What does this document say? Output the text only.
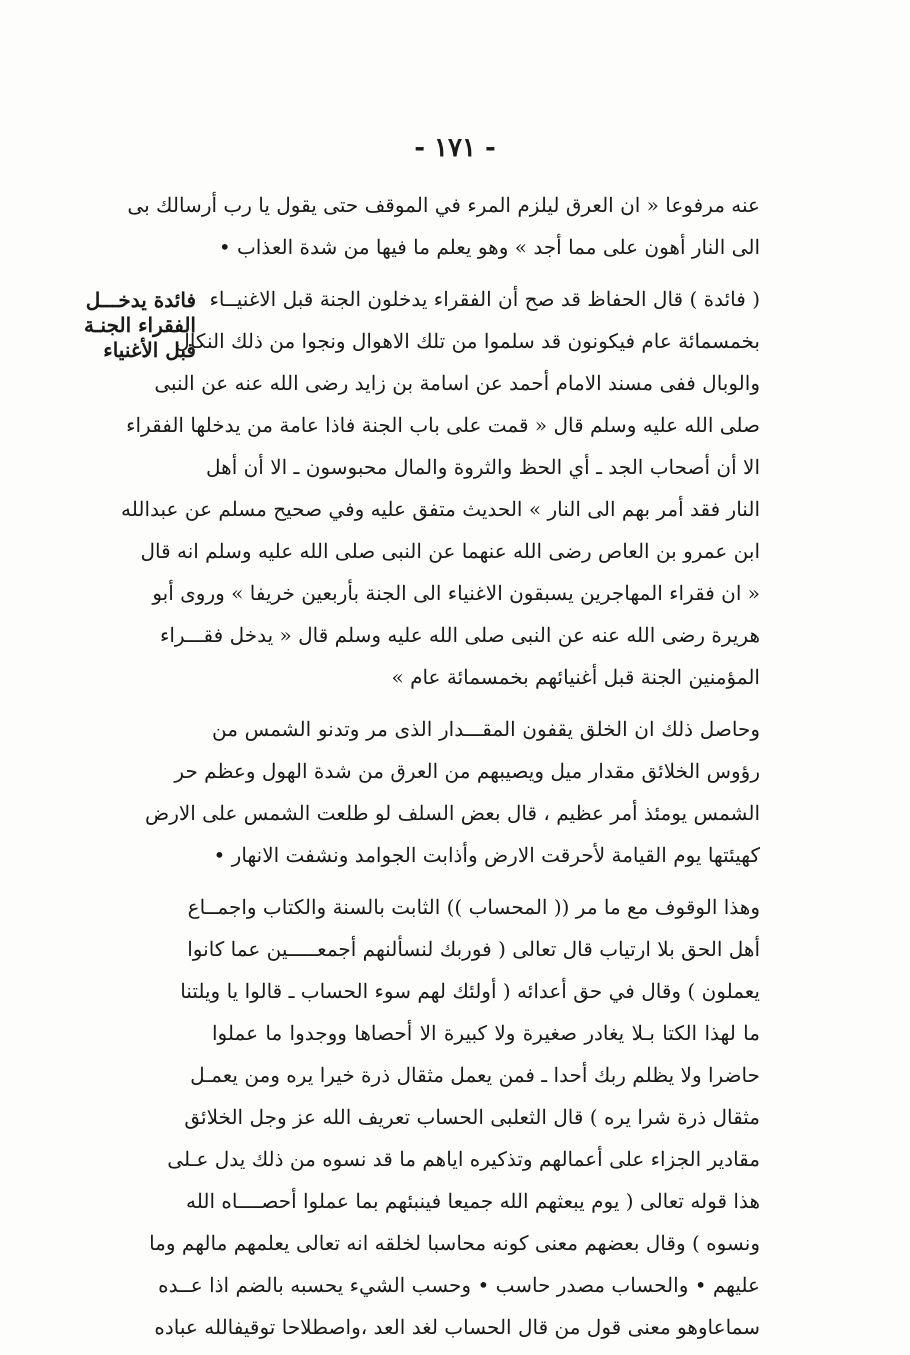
- ١٧١ -
فائدة يدخـــل
الفقراء الجنـة
قبل الأغنياء
عنه مرفوعا « ان العرق ليلزم المرء في الموقف حتى يقول يا رب أرسالك بى
الى النار أهون على مما أجد » وهو يعلم ما فيها من شدة العذاب •
( فائدة ) قال الحفاظ قد صح أن الفقراء يدخلون الجنة قبل الاغنيــاء
بخمسمائة عام فيكونون قد سلموا من تلك الاهوال ونجوا من ذلك النكال
والوبال ففى مسند الامام أحمد عن اسامة بن زايد رضى الله عنه عن النبى
صلى الله عليه وسلم قال « قمت على باب الجنة فاذا عامة من يدخلها الفقراء
الا أن أصحاب الجد ـ أي الحظ والثروة والمال محبوسون ـ الا أن أهل
النار فقد أمر بهم الى النار » الحديث متفق عليه وفي صحيح مسلم عن عبدالله
ابن عمرو بن العاص رضى الله عنهما عن النبى صلى الله عليه وسلم انه قال
« ان فقراء المهاجرين يسبقون الاغنياء الى الجنة بأربعين خريفا » وروى أبو
هريرة رضى الله عنه عن النبى صلى الله عليه وسلم قال « يدخل فقـــراء
المؤمنين الجنة قبل أغنيائهم بخمسمائة عام »
وحاصل ذلك ان الخلق يقفون المقـــدار الذى مر وتدنو الشمس من
رؤوس الخلائق مقدار ميل ويصيبهم من العرق من شدة الهول وعظم حر
الشمس يومئذ أمر عظيم ، قال بعض السلف لو طلعت الشمس على الارض
كهيئتها يوم القيامة لأحرقت الارض وأذابت الجوامد ونشفت الانهار •
وهذا الوقوف مع ما مر (( المحساب )) الثابت بالسنة والكتاب واجمــاع
أهل الحق بلا ارتياب قال تعالى ( فوربك لنسألنهم أجمعـــــين عما كانوا
يعملون ) وقال في حق أعدائه ( أولئك لهم سوء الحساب ـ قالوا يا ويلتنا
ما لهذا الكتا بـلا يغادر صغيرة ولا كبيرة الا أحصاها ووجدوا ما عملوا
حاضرا ولا يظلم ربك أحدا ـ فمن يعمل مثقال ذرة خيرا يره ومن يعمـل
مثقال ذرة شرا يره ) قال الثعلبى الحساب تعريف الله عز وجل الخلائق
مقادير الجزاء على أعمالهم وتذكيره اياهم ما قد نسوه من ذلك يدل عـلى
هذا قوله تعالى ( يوم يبعثهم الله جميعا فينبئهم بما عملوا أحصــــاه الله
ونسوه ) وقال بعضهم معنى كونه محاسبا لخلقه انه تعالى يعلمهم مالهم وما
عليهم • والحساب مصدر حاسب • وحسب الشيء يحسبه بالضم اذا عــده
سماعاوهو معنى قول من قال الحساب لغد العد ،واصطلاحا توقيفالله عباده
